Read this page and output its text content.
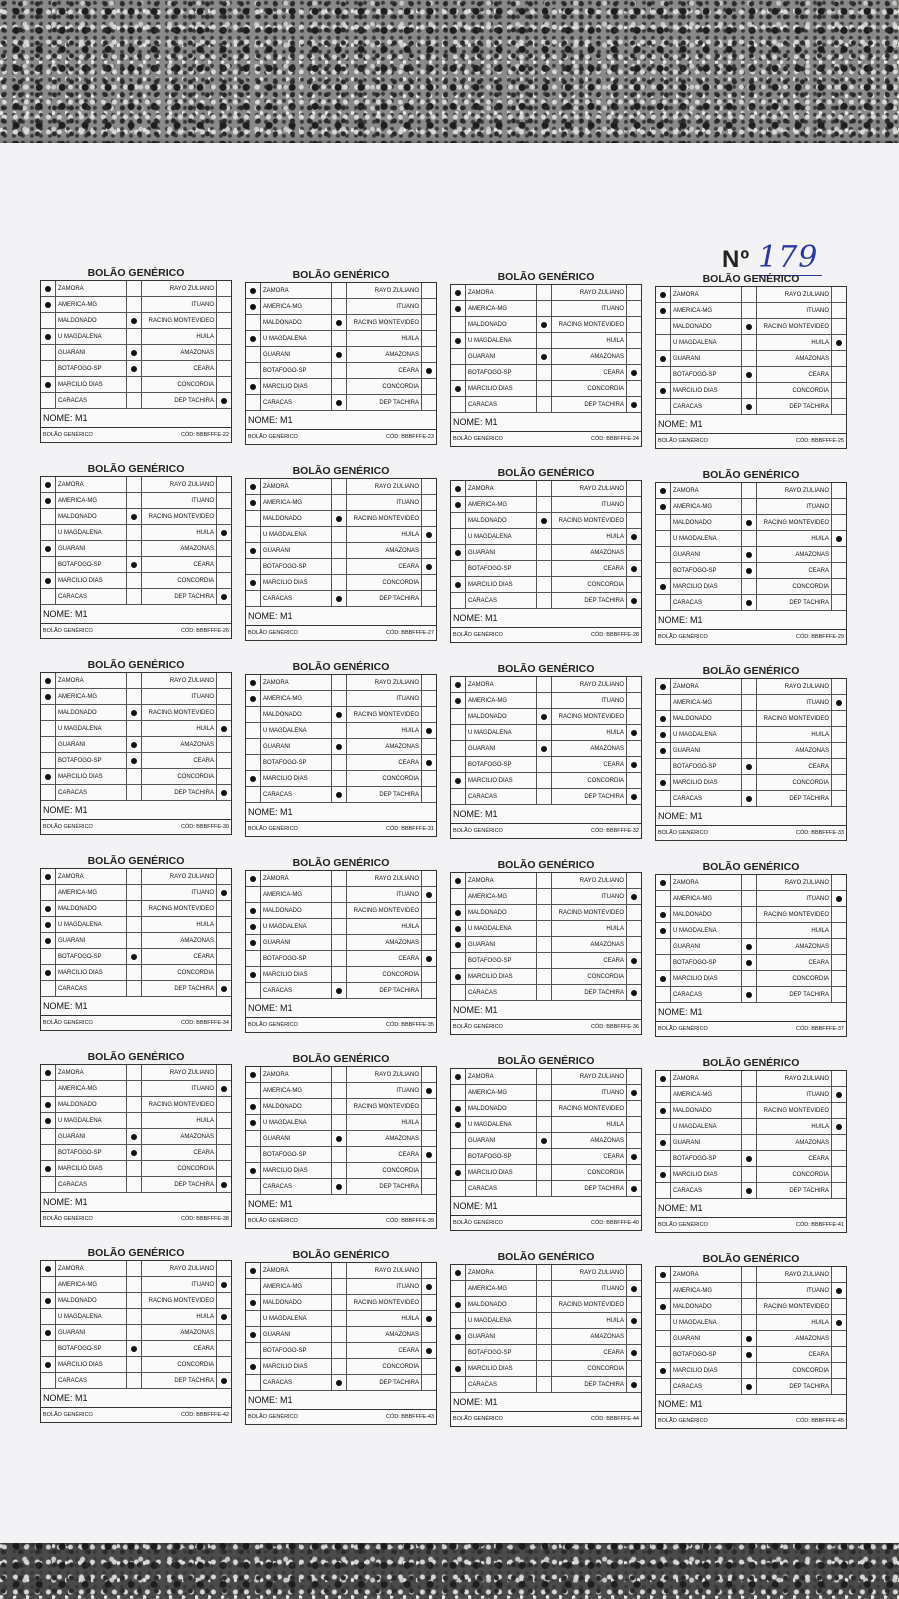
Nº 179
BOLÃO GENÉRICO
ZAMORA	RAYO ZULIANO
AMERICA-MG	ITUANO
MALDONADO	RACING MONTEVIDEO
U MAGDALENA	HUILA
GUARANI	AMAZONAS
BOTAFOGO-SP	CEARA
MARCILIO DIAS	CONCORDIA
CARACAS	DEP TACHIRA
NOME: M1
BOLÃO GENÉRICO	CÓD: BBBFFFE-22
BOLÃO GENÉRICO
ZAMORA	RAYO ZULIANO
AMERICA-MG	ITUANO
MALDONADO	RACING MONTEVIDEO
U MAGDALENA	HUILA
GUARANI	AMAZONAS
BOTAFOGO-SP	CEARA
MARCILIO DIAS	CONCORDIA
CARACAS	DEP TACHIRA
NOME: M1
BOLÃO GENÉRICO	CÓD: BBBFFFE-23
BOLÃO GENÉRICO
ZAMORA	RAYO ZULIANO
AMERICA-MG	ITUANO
MALDONADO	RACING MONTEVIDEO
U MAGDALENA	HUILA
GUARANI	AMAZONAS
BOTAFOGO-SP	CEARA
MARCILIO DIAS	CONCORDIA
CARACAS	DEP TACHIRA
NOME: M1
BOLÃO GENÉRICO	CÓD: BBBFFFE-24
BOLÃO GENÉRICO
ZAMORA	RAYO ZULIANO
AMERICA-MG	ITUANO
MALDONADO	RACING MONTEVIDEO
U MAGDALENA	HUILA
GUARANI	AMAZONAS
BOTAFOGO-SP	CEARA
MARCILIO DIAS	CONCORDIA
CARACAS	DEP TACHIRA
NOME: M1
BOLÃO GENÉRICO	CÓD: BBBFFFE-25
BOLÃO GENÉRICO
ZAMORA	RAYO ZULIANO
AMERICA-MG	ITUANO
MALDONADO	RACING MONTEVIDEO
U MAGDALENA	HUILA
GUARANI	AMAZONAS
BOTAFOGO-SP	CEARA
MARCILIO DIAS	CONCORDIA
CARACAS	DEP TACHIRA
NOME: M1
BOLÃO GENÉRICO	CÓD: BBBFFFE-26
BOLÃO GENÉRICO
ZAMORA	RAYO ZULIANO
AMERICA-MG	ITUANO
MALDONADO	RACING MONTEVIDEO
U MAGDALENA	HUILA
GUARANI	AMAZONAS
BOTAFOGO-SP	CEARA
MARCILIO DIAS	CONCORDIA
CARACAS	DEP TACHIRA
NOME: M1
BOLÃO GENÉRICO	CÓD: BBBFFFE-27
BOLÃO GENÉRICO
ZAMORA	RAYO ZULIANO
AMERICA-MG	ITUANO
MALDONADO	RACING MONTEVIDEO
U MAGDALENA	HUILA
GUARANI	AMAZONAS
BOTAFOGO-SP	CEARA
MARCILIO DIAS	CONCORDIA
CARACAS	DEP TACHIRA
NOME: M1
BOLÃO GENÉRICO	CÓD: BBBFFFE-28
BOLÃO GENÉRICO
ZAMORA	RAYO ZULIANO
AMERICA-MG	ITUANO
MALDONADO	RACING MONTEVIDEO
U MAGDALENA	HUILA
GUARANI	AMAZONAS
BOTAFOGO-SP	CEARA
MARCILIO DIAS	CONCORDIA
CARACAS	DEP TACHIRA
NOME: M1
BOLÃO GENÉRICO	CÓD: BBBFFFE-29
BOLÃO GENÉRICO
ZAMORA	RAYO ZULIANO
AMERICA-MG	ITUANO
MALDONADO	RACING MONTEVIDEO
U MAGDALENA	HUILA
GUARANI	AMAZONAS
BOTAFOGO-SP	CEARA
MARCILIO DIAS	CONCORDIA
CARACAS	DEP TACHIRA
NOME: M1
BOLÃO GENÉRICO	CÓD: BBBFFFE-30
BOLÃO GENÉRICO
ZAMORA	RAYO ZULIANO
AMERICA-MG	ITUANO
MALDONADO	RACING MONTEVIDEO
U MAGDALENA	HUILA
GUARANI	AMAZONAS
BOTAFOGO-SP	CEARA
MARCILIO DIAS	CONCORDIA
CARACAS	DEP TACHIRA
NOME: M1
BOLÃO GENÉRICO	CÓD: BBBFFFE-31
BOLÃO GENÉRICO
ZAMORA	RAYO ZULIANO
AMERICA-MG	ITUANO
MALDONADO	RACING MONTEVIDEO
U MAGDALENA	HUILA
GUARANI	AMAZONAS
BOTAFOGO-SP	CEARA
MARCILIO DIAS	CONCORDIA
CARACAS	DEP TACHIRA
NOME: M1
BOLÃO GENÉRICO	CÓD: BBBFFFE-32
BOLÃO GENÉRICO
ZAMORA	RAYO ZULIANO
AMERICA-MG	ITUANO
MALDONADO	RACING MONTEVIDEO
U MAGDALENA	HUILA
GUARANI	AMAZONAS
BOTAFOGO-SP	CEARA
MARCILIO DIAS	CONCORDIA
CARACAS	DEP TACHIRA
NOME: M1
BOLÃO GENÉRICO	CÓD: BBBFFFE-33
BOLÃO GENÉRICO
ZAMORA	RAYO ZULIANO
AMERICA-MG	ITUANO
MALDONADO	RACING MONTEVIDEO
U MAGDALENA	HUILA
GUARANI	AMAZONAS
BOTAFOGO-SP	CEARA
MARCILIO DIAS	CONCORDIA
CARACAS	DEP TACHIRA
NOME: M1
BOLÃO GENÉRICO	CÓD: BBBFFFE-34
BOLÃO GENÉRICO
ZAMORA	RAYO ZULIANO
AMERICA-MG	ITUANO
MALDONADO	RACING MONTEVIDEO
U MAGDALENA	HUILA
GUARANI	AMAZONAS
BOTAFOGO-SP	CEARA
MARCILIO DIAS	CONCORDIA
CARACAS	DEP TACHIRA
NOME: M1
BOLÃO GENÉRICO	CÓD: BBBFFFE-35
BOLÃO GENÉRICO
ZAMORA	RAYO ZULIANO
AMERICA-MG	ITUANO
MALDONADO	RACING MONTEVIDEO
U MAGDALENA	HUILA
GUARANI	AMAZONAS
BOTAFOGO-SP	CEARA
MARCILIO DIAS	CONCORDIA
CARACAS	DEP TACHIRA
NOME: M1
BOLÃO GENÉRICO	CÓD: BBBFFFE-36
BOLÃO GENÉRICO
ZAMORA	RAYO ZULIANO
AMERICA-MG	ITUANO
MALDONADO	RACING MONTEVIDEO
U MAGDALENA	HUILA
GUARANI	AMAZONAS
BOTAFOGO-SP	CEARA
MARCILIO DIAS	CONCORDIA
CARACAS	DEP TACHIRA
NOME: M1
BOLÃO GENÉRICO	CÓD: BBBFFFE-37
BOLÃO GENÉRICO
ZAMORA	RAYO ZULIANO
AMERICA-MG	ITUANO
MALDONADO	RACING MONTEVIDEO
U MAGDALENA	HUILA
GUARANI	AMAZONAS
BOTAFOGO-SP	CEARA
MARCILIO DIAS	CONCORDIA
CARACAS	DEP TACHIRA
NOME: M1
BOLÃO GENÉRICO	CÓD: BBBFFFE-38
BOLÃO GENÉRICO
ZAMORA	RAYO ZULIANO
AMERICA-MG	ITUANO
MALDONADO	RACING MONTEVIDEO
U MAGDALENA	HUILA
GUARANI	AMAZONAS
BOTAFOGO-SP	CEARA
MARCILIO DIAS	CONCORDIA
CARACAS	DEP TACHIRA
NOME: M1
BOLÃO GENÉRICO	CÓD: BBBFFFE-39
BOLÃO GENÉRICO
ZAMORA	RAYO ZULIANO
AMERICA-MG	ITUANO
MALDONADO	RACING MONTEVIDEO
U MAGDALENA	HUILA
GUARANI	AMAZONAS
BOTAFOGO-SP	CEARA
MARCILIO DIAS	CONCORDIA
CARACAS	DEP TACHIRA
NOME: M1
BOLÃO GENÉRICO	CÓD: BBBFFFE-40
BOLÃO GENÉRICO
ZAMORA	RAYO ZULIANO
AMERICA-MG	ITUANO
MALDONADO	RACING MONTEVIDEO
U MAGDALENA	HUILA
GUARANI	AMAZONAS
BOTAFOGO-SP	CEARA
MARCILIO DIAS	CONCORDIA
CARACAS	DEP TACHIRA
NOME: M1
BOLÃO GENÉRICO	CÓD: BBBFFFE-41
BOLÃO GENÉRICO
ZAMORA	RAYO ZULIANO
AMERICA-MG	ITUANO
MALDONADO	RACING MONTEVIDEO
U MAGDALENA	HUILA
GUARANI	AMAZONAS
BOTAFOGO-SP	CEARA
MARCILIO DIAS	CONCORDIA
CARACAS	DEP TACHIRA
NOME: M1
BOLÃO GENÉRICO	CÓD: BBBFFFE-42
BOLÃO GENÉRICO
ZAMORA	RAYO ZULIANO
AMERICA-MG	ITUANO
MALDONADO	RACING MONTEVIDEO
U MAGDALENA	HUILA
GUARANI	AMAZONAS
BOTAFOGO-SP	CEARA
MARCILIO DIAS	CONCORDIA
CARACAS	DEP TACHIRA
NOME: M1
BOLÃO GENÉRICO	CÓD: BBBFFFE-43
BOLÃO GENÉRICO
ZAMORA	RAYO ZULIANO
AMERICA-MG	ITUANO
MALDONADO	RACING MONTEVIDEO
U MAGDALENA	HUILA
GUARANI	AMAZONAS
BOTAFOGO-SP	CEARA
MARCILIO DIAS	CONCORDIA
CARACAS	DEP TACHIRA
NOME: M1
BOLÃO GENÉRICO	CÓD: BBBFFFE-44
BOLÃO GENÉRICO
ZAMORA	RAYO ZULIANO
AMERICA-MG	ITUANO
MALDONADO	RACING MONTEVIDEO
U MAGDALENA	HUILA
GUARANI	AMAZONAS
BOTAFOGO-SP	CEARA
MARCILIO DIAS	CONCORDIA
CARACAS	DEP TACHIRA
NOME: M1
BOLÃO GENÉRICO	CÓD: BBBFFFE-45
